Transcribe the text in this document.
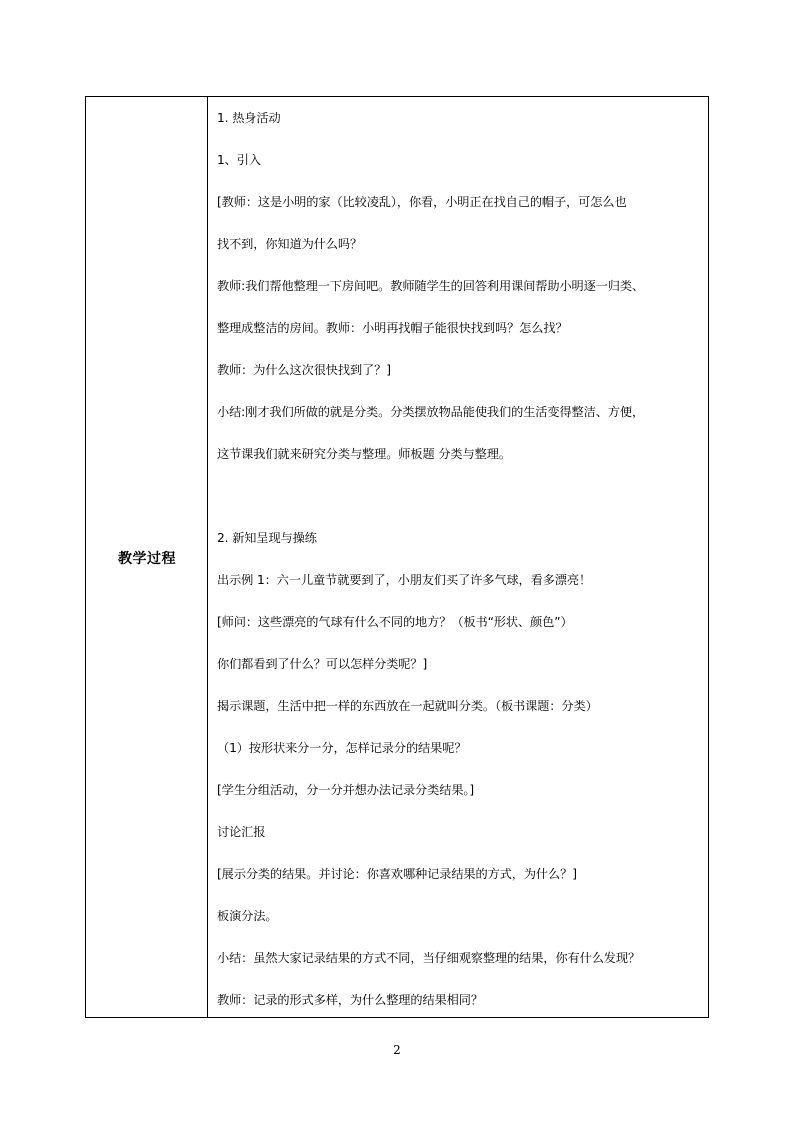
教学过程
1. 热身活动
1、引入
[教师：这是小明的家（比较凌乱），你看，小明正在找自己的帽子，可怎么也
找不到，你知道为什么吗？
教师:我们帮他整理一下房间吧。教师随学生的回答利用课间帮助小明逐一归类、
整理成整洁的房间。教师：小明再找帽子能很快找到吗？怎么找？
教师：为什么这次很快找到了？]
小结:刚才我们所做的就是分类。分类摆放物品能使我们的生活变得整洁、方便，
这节课我们就来研究分类与整理。师板题 分类与整理。
2. 新知呈现与操练
出示例 1：六一儿童节就要到了，小朋友们买了许多气球，看多漂亮！
[师问：这些漂亮的气球有什么不同的地方？（板书“形状、颜色”）
你们都看到了什么？可以怎样分类呢？]
揭示课题，生活中把一样的东西放在一起就叫分类。（板书课题：分类）
（1）按形状来分一分，怎样记录分的结果呢？
[学生分组活动，分一分并想办法记录分类结果。]
讨论汇报
[展示分类的结果。并讨论：你喜欢哪种记录结果的方式，为什么？]
板演分法。
小结：虽然大家记录结果的方式不同，当仔细观察整理的结果，你有什么发现？
教师：记录的形式多样，为什么整理的结果相同？
2
